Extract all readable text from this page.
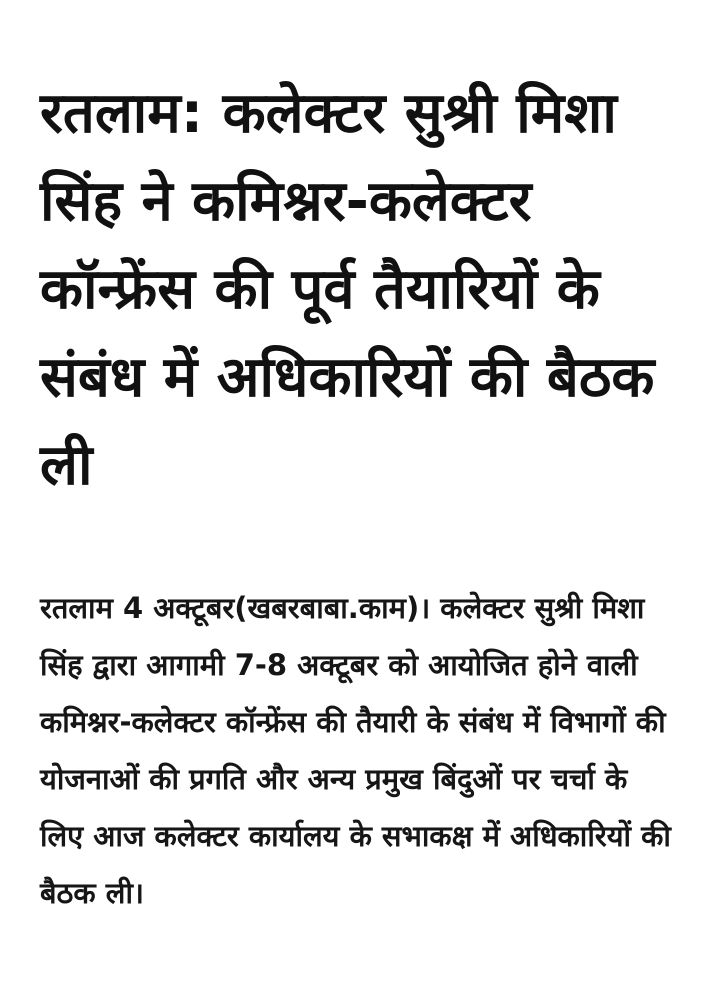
रतलाम: कलेक्टर सुश्री मिशा सिंह ने कमिश्नर-कलेक्टर कॉन्फ्रेंस की पूर्व तैयारियों के संबंध में अधिकारियों की बैठक ली

रतलाम 4 अक्टूबर(खबरबाबा.काम)। कलेक्टर सुश्री मिशा सिंह द्वारा आगामी 7-8 अक्टूबर को आयोजित होने वाली कमिश्नर-कलेक्टर कॉन्फ्रेंस की तैयारी के संबंध में विभागों की योजनाओं की प्रगति और अन्य प्रमुख बिंदुओं पर चर्चा के लिए आज कलेक्टर कार्यालय के सभाकक्ष में अधिकारियों की बैठक ली।
